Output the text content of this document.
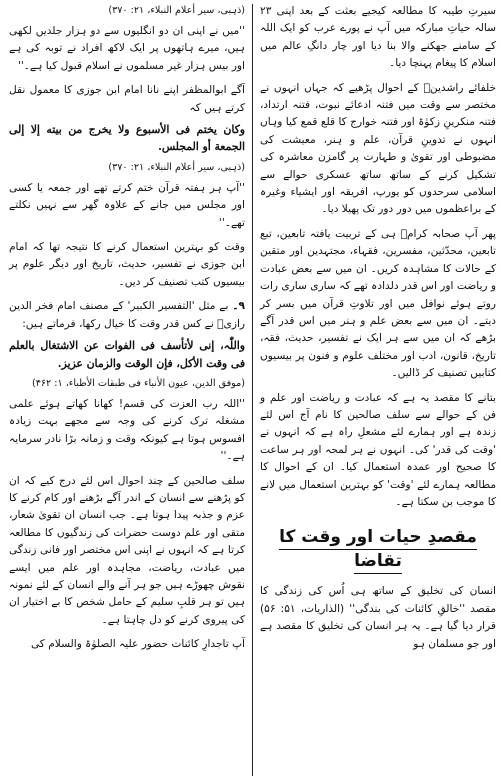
سیرتِ طیبہ کا مطالعہ کیجیے بعثت کے بعد اپنی ۲۳ سالہ حیاتِ مبارکہ میں آپ نے پورے عرب کو ایک اللہ کے سامنے جھکنے والا بنا دیا اور چار دانگِ عالم میں اسلام کا پیغام پہنچا دیا۔

خلفائے راشدینؓ کے احوال پڑھیے کہ جہاں انہوں نے مختصر سے وقت میں فتنہ ادعائے نبوت، فتنہ ارتداد، فتنہ منکرینِ زکوٰۃ اور فتنہ خوارج کا قلع قمع کیا وہاں انہوں نے تدوینِ قرآن، علم و ہنر، معیشت کی مضبوطی اور تقویٰ و طہارت پر گامزن معاشرہ کی تشکیل کرنے کے ساتھ ساتھ عسکری حوالے سے اسلامی سرحدوں کو یورپ، افریقہ اور ایشیاء وغیرہ کے براعظموں میں دور دور تک پھیلا دیا۔

پھر آپ صحابہ کرامؓ ہی کے تربیت یافتہ تابعین، تبع تابعین، محدّثین، مفسرین، فقہاء، مجتہدین اور متقین کے حالات کا مشاہدہ کریں۔ ان میں سے بعض عبادت و ریاضت اور اس قدر دلدادہ تھے کہ ساری ساری رات روتے ہوئے نوافل میں اور تلاوتِ قرآن میں بسر کر دیتے۔ ان میں سے بعض علم و ہنر میں اس قدر آگے بڑھے کہ ان میں سے ہر ایک نے تفسیر، حدیث، فقہ، تاریخ، قانون، ادب اور مختلف علوم و فنون پر بیسیوں کتابیں تصنیف کر ڈالیں۔

بتانے کا مقصد یہ ہے کہ عبادت و ریاضت اور علم و فن کے حوالے سے سلف صالحین کا نام آج اس لئے زندہ ہے اور ہمارے لئے مشعلِ راہ ہے کہ انہوں نے 'وقت کی قدر' کی۔ انہوں نے ہر لمحہ اور ہر ساعت کا صحیح اور عمدہ استعمال کیا۔ ان کے احوال کا مطالعہ ہمارے لئے 'وقت' کو بہترین استعمال میں لانے کا موجب بن سکتا ہے۔

مقصدِ حیات اور وقت کا تقاضا

انسان کی تخلیق کے ساتھ ہی اُس کی زندگی کا مقصد ''خالقِ کائنات کی بندگی'' (الذاریات، ۵۱: ۵۶) قرار دیا گیا ہے۔ یہ ہر انسان کی تخلیق کا مقصد ہے اور جو مسلمان ہو

(ذہبی، سیر أعلام النبلاء، ۲۱: ۳۷۰)

''میں نے اپنی ان دو انگلیوں سے دو ہزار جلدیں لکھی ہیں، میرے ہاتھوں پر ایک لاکھ افراد نے توبہ کی ہے اور بیس ہزار غیر مسلموں نے اسلام قبول کیا ہے۔''

آگے ابوالمظفر اپنے نانا امام ابن جوزی کا معمول نقل کرتے ہیں کہ

وکان یختم فی الأسبوع ولا یخرج من بیته إلا إلی الجمعة أو المجلس.

(ذہبی، سیر أعلام النبلاء، ۲۱: ۳۷۰)

''آپ ہر ہفتہ قرآن ختم کرتے تھے اور جمعہ یا کسی اور مجلس میں جانے کے علاوہ گھر سے نہیں نکلتے تھے۔''

وقت کو بہترین استعمال کرنے کا نتیجہ تھا کہ امام ابن جوزی نے تفسیر، حدیث، تاریخ اور دیگر علوم پر بیسیوں کتب تصنیف کر دیں۔

۹۔ بے مثل 'التفسیر الکبیر' کے مصنف امام فخر الدین رازیؒ نے کس قدر وقت کا خیال رکھا، فرماتے ہیں:

واللّٰہ، إنی لأتأسف فی الفوات عن الاشتغال بالعلم فی وقت الأکل، فإن الوقت والزمان عزیز.

(موفق الدین، عیون الأنباء فی طبقات الأطباء، ۱: ۴۶۲)

''اللہ رب العزت کی قسم! کھانا کھاتے ہوئے علمی مشغلہ ترک کرنے کی وجہ سے مجھے بہت زیادہ افسوس ہوتا ہے کیونکہ وقت و زمانہ بڑا نادر سرمایہ ہے۔''

سلف صالحین کے چند احوال اس لئے درج کیے کہ ان کو پڑھنے سے انسان کے اندر آگے بڑھنے اور کام کرنے کا عزم و جذبہ پیدا ہوتا ہے۔ جب انسان ان تقویٰ شعار، متقی اور علم دوست حضرات کی زندگیوں کا مطالعہ کرتا ہے کہ انہوں نے اپنی اس مختصر اور فانی زندگی میں عبادت، ریاضت، مجاہدہ اور علم میں ایسے نقوش چھوڑے ہیں جو ہر آنے والے انسان کے لئے نمونہ ہیں تو ہر قلبِ سلیم کے حامل شخص کا بے اختیار ان کی پیروی کرنے کو دل چاہتا ہے۔

آپ تاجدارِ کائنات حضور علیہ الصلوٰۃ والسلام کی
